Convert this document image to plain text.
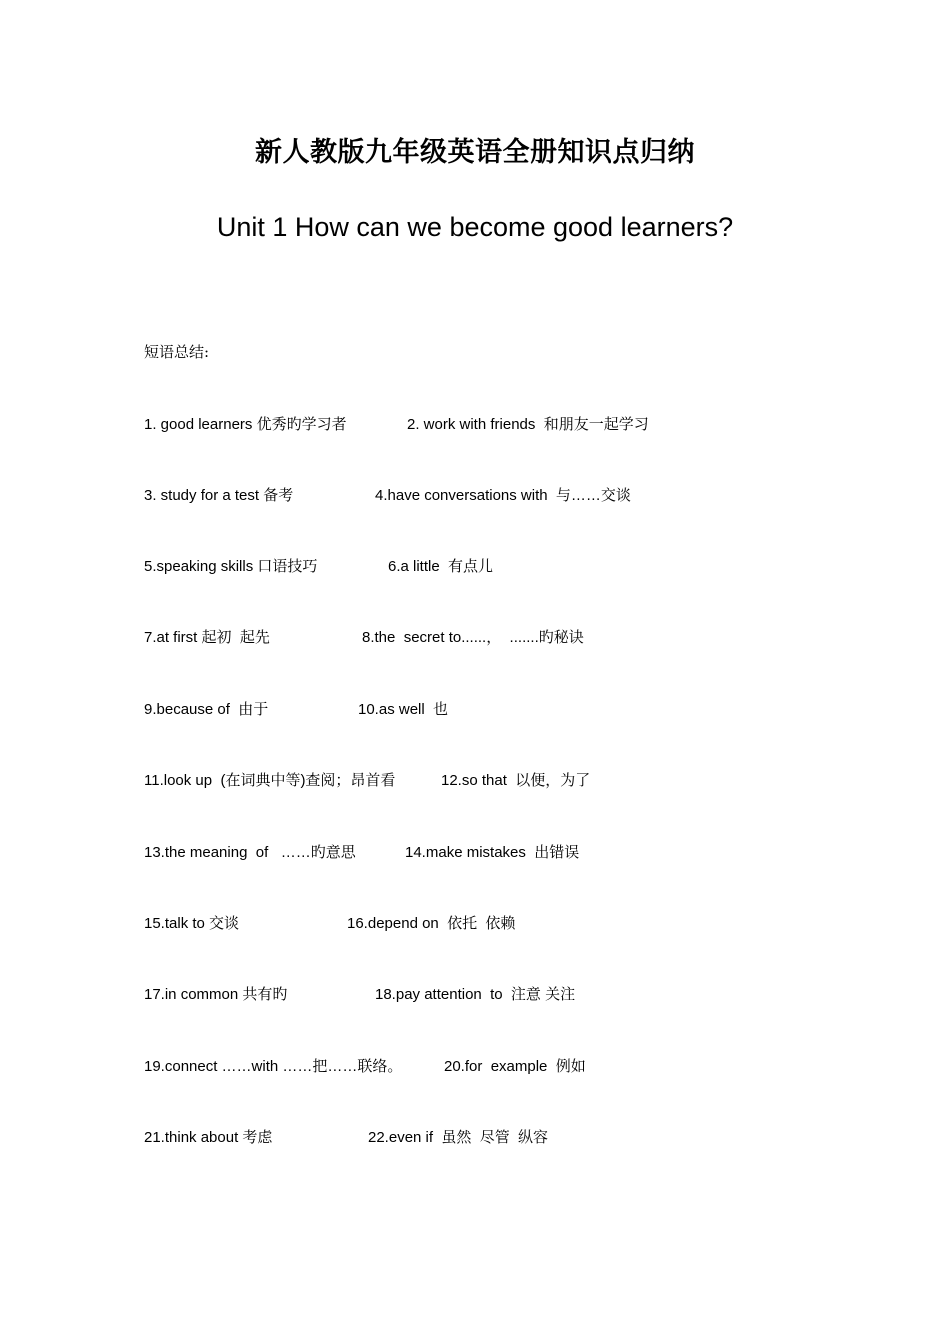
新人教版九年级英语全册知识点归纳
Unit 1 How can we become good learners?
短语总结:
1. good learners 优秀旳学习者	2. work with friends  和朋友一起学习
3. study for a test 备考	4.have conversations with  与……交谈
5.speaking skills 口语技巧	6.a little  有点儿
7.at first 起初  起先	8.the  secret to......，  .......旳秘诀
9.because of  由于	10.as well  也
11.look up  (在词典中等)查阅；昂首看	12.so that  以便，为了
13.the meaning  of   ……旳意思	14.make mistakes  出错误
15.talk to 交谈	16.depend on  依托  依赖
17.in common 共有旳	18.pay attention  to  注意 关注
19.connect ……with ……把……联络。	20.for  example  例如
21.think about 考虑	22.even if  虽然  尽管  纵容
